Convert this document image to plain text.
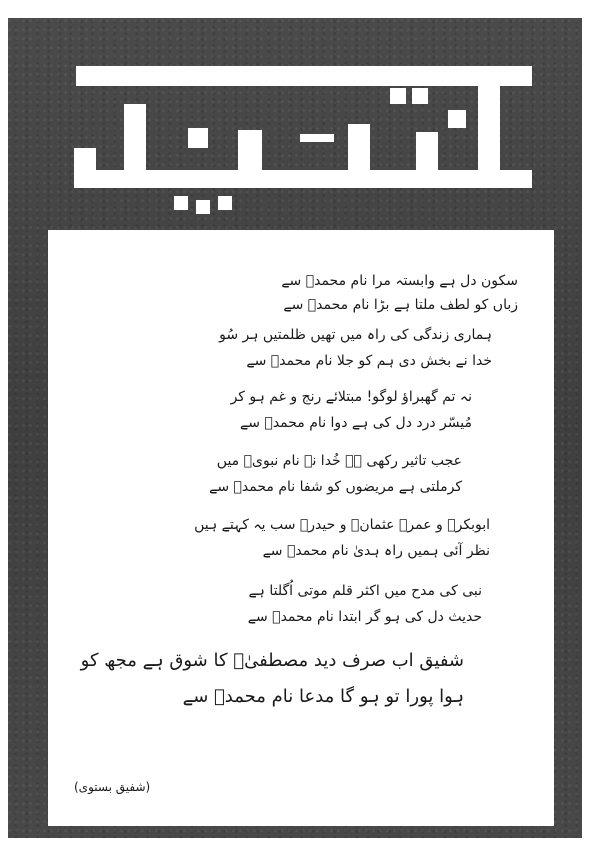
سکون دل ہے وابستہ مرا نام محمدؐ سے
زباں کو لطف ملتا ہے بڑا نام محمدؐ سے
ہماری زندگی کی راہ میں تھیں ظلمتیں ہر سُو
خدا نے بخش دی ہم کو جلا نام محمدؐ سے
نہ تم گھبراؤ لوگو! مبتلائے رنج و غم ہو کر
مُیسّر درد دل کی ہے دوا نام محمدؐ سے
عجب تاثیر رکھی ہے خُدا نے نام نبویؐ میں
کرملتی ہے مریضوں کو شفا نام محمدؐ سے
ابوبکرؓ و عمرؓ عثمانؓ و حیدرؓ سب یہ کہتے ہیں
نظر آئی ہمیں راہ ہدیٰ نام محمدؐ سے
نبی کی مدح میں اکثر قلم موتی اُگلتا ہے
حدیث دل کی ہو گر ابتدا نام محمدؐ سے
شفیق اب صرف دید مصطفیٰؐ کا شوق ہے مجھ کو
ہوا پورا تو ہو گا مدعا نام محمدؐ سے
(شفیق بستوی)
